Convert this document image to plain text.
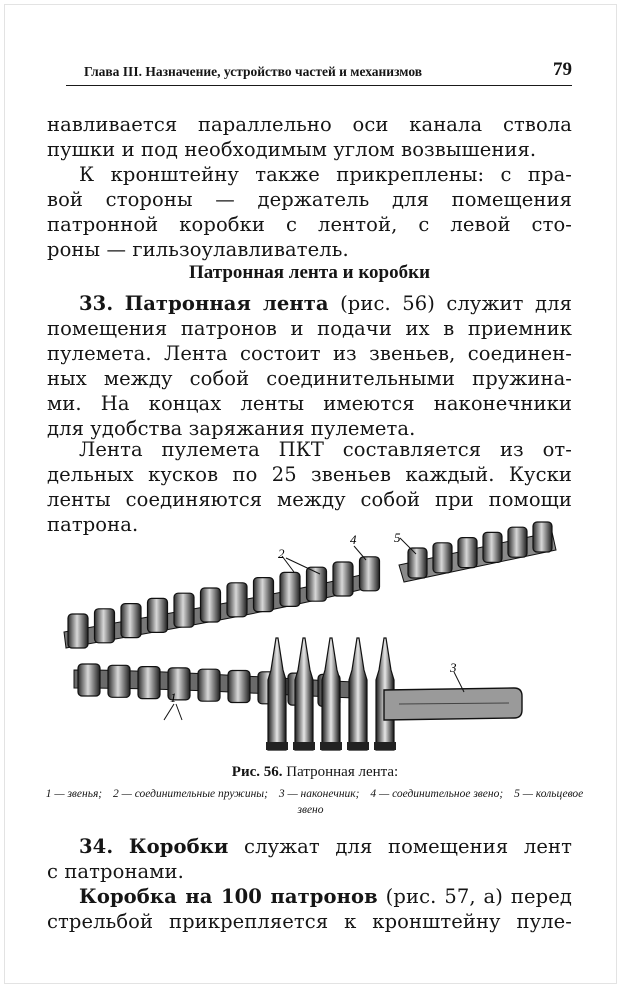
Глава III. Назначение, устройство частей и механизмов	79
навливается параллельно оси канала ствола
пушки и под необходимым углом возвышения.
К кронштейну также прикреплены: с пра-
вой стороны — держатель для помещения
патронной коробки с лентой, с левой сто-
роны — гильзоулавливатель.
Патронная лента и коробки
33. Патронная лента (рис. 56) служит для
помещения патронов и подачи их в приемник
пулемета. Лента состоит из звеньев, соединен-
ных между собой соединительными пружина-
ми. На концах ленты имеются наконечники
для удобства заряжания пулемета.
Лента пулемета ПКТ составляется из от-
дельных кусков по 25 звеньев каждый. Куски
ленты соединяются между собой при помощи
патрона.
2
4	5
3
1
Рис. 56. Патронная лента:
1 — звенья; 2 — соединительные пружины; 3 — наконечник; 4 — соединительное звено; 5 — кольцевое звено
34. Коробки служат для помещения лент
с патронами.
Коробка на 100 патронов (рис. 57, а) перед
стрельбой прикрепляется к кронштейну пуле-
